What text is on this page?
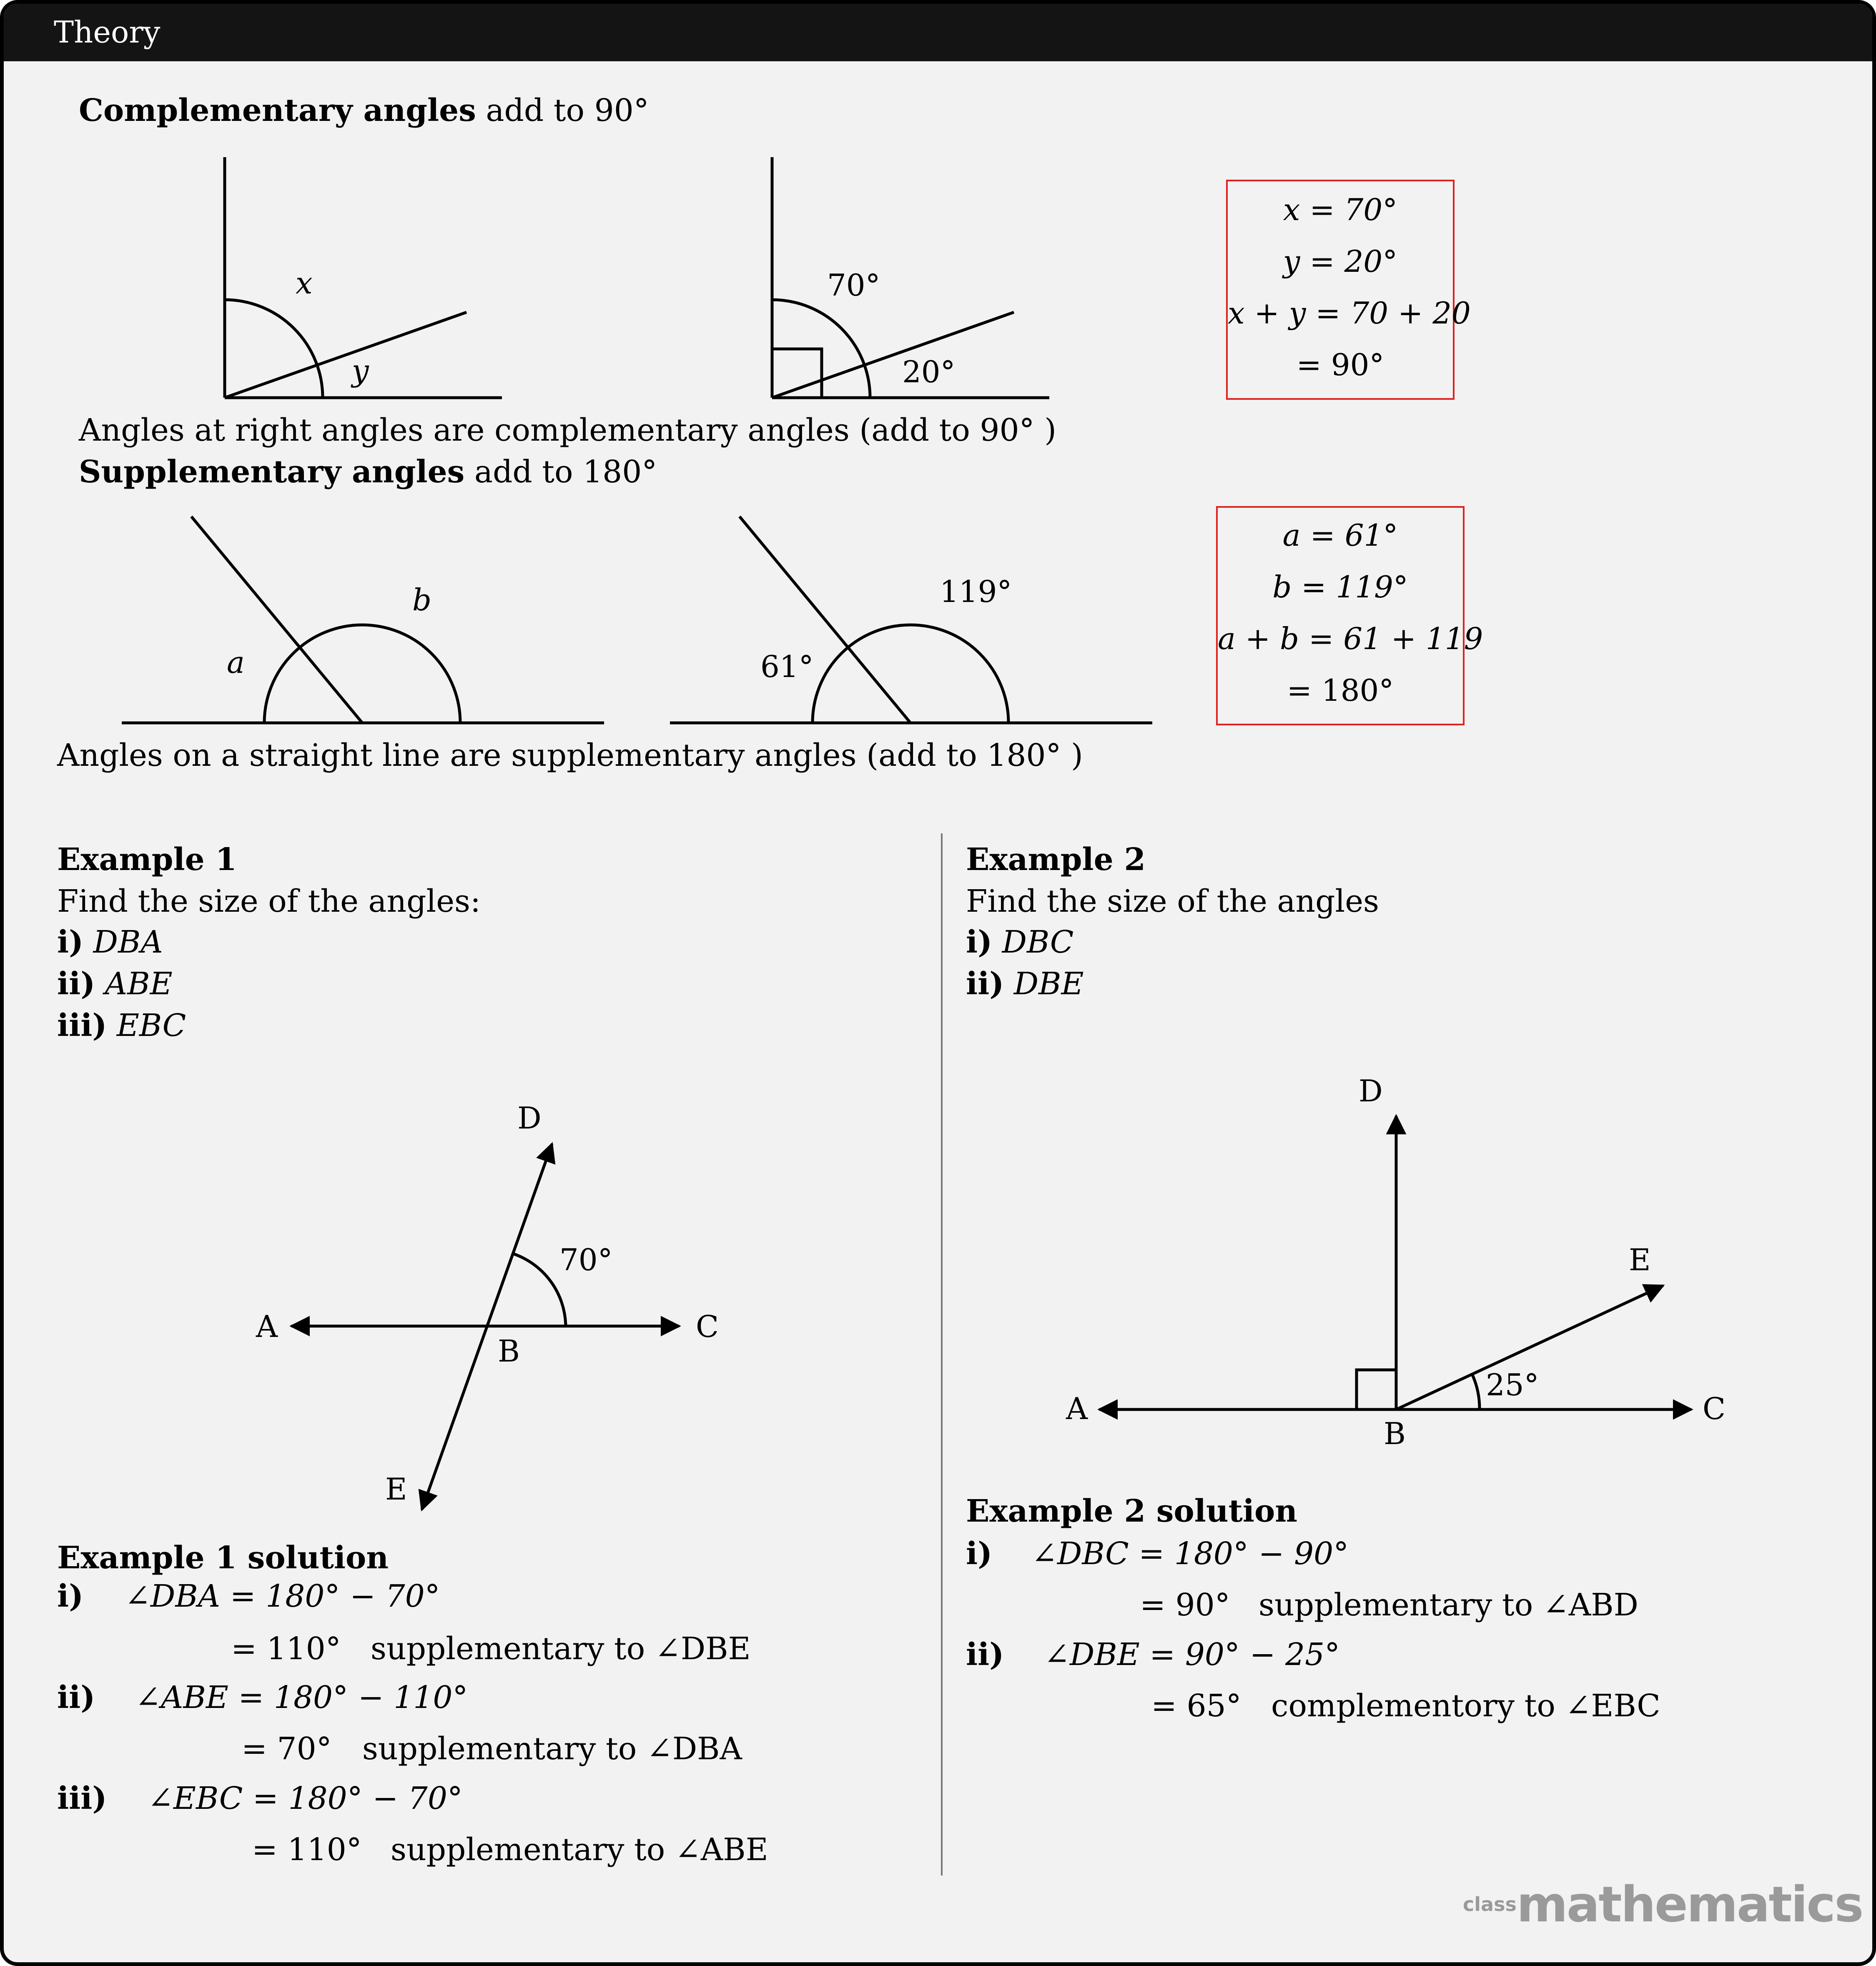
Theory
Complementary angles add to 90°
x
y
70°
20°
x = 70°
y = 20°
x + y = 70 + 20
= 90°
Angles at right angles are complementary angles (add to 90° )
Supplementary angles add to 180°
a
b
61°
119°
a = 61°
b = 119°
a + b = 61 + 119
= 180°
Angles on a straight line are supplementary angles (add to 180° )
Example 1
Find the size of the angles:
i) DBA
ii) ABE
iii) EBC
A
B
C
D
E
70°
Example 1 solution
i) ∠DBA = 180° − 70°
= 110° supplementary to ∠DBE
ii) ∠ABE = 180° − 110°
= 70° supplementary to ∠DBA
iii) ∠EBC = 180° − 70°
= 110° supplementary to ∠ABE
Example 2
Find the size of the angles
i) DBC
ii) DBE
A
B
C
D
E
25°
Example 2 solution
i) ∠DBC = 180° − 90°
= 90° supplementary to ∠ABD
ii) ∠DBE = 90° − 25°
= 65° complementory to ∠EBC
classmathematics
